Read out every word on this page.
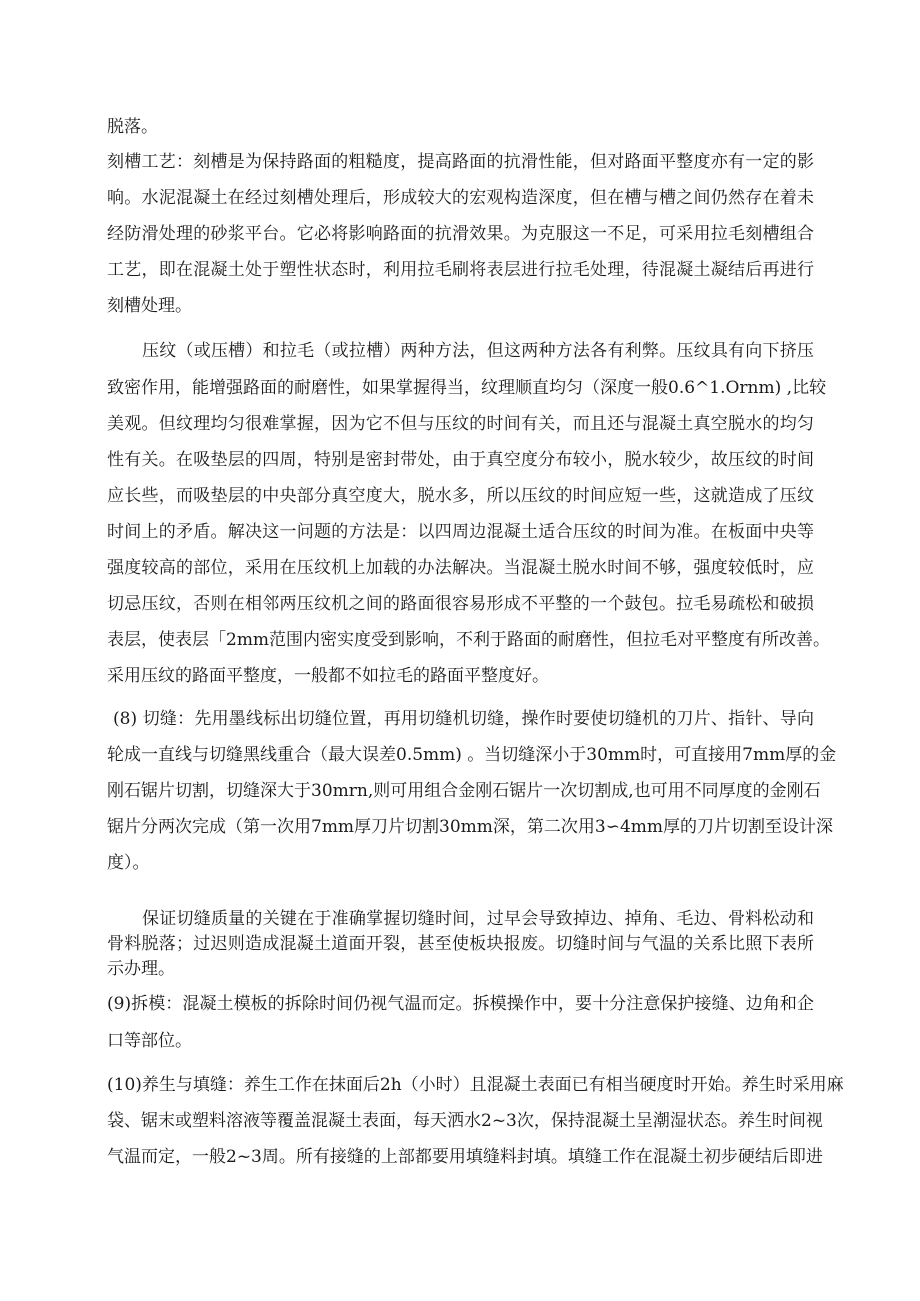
脱落。
刻槽工艺：刻槽是为保持路面的粗糙度，提高路面的抗滑性能，但对路面平整度亦有一定的影
响。水泥混凝土在经过刻槽处理后，形成较大的宏观构造深度，但在槽与槽之间仍然存在着未
经防滑处理的砂浆平台。它必将影响路面的抗滑效果。为克服这一不足，可采用拉毛刻槽组合
工艺，即在混凝土处于塑性状态时，利用拉毛刷将表层进行拉毛处理，待混凝土凝结后再进行
刻槽处理。
压纹（或压槽）和拉毛（或拉槽）两种方法，但这两种方法各有利弊。压纹具有向下挤压
致密作用，能增强路面的耐磨性，如果掌握得当，纹理顺直均匀（深度一般0.6^1.Ornm) ,比较
美观。但纹理均匀很难掌握，因为它不但与压纹的时间有关，而且还与混凝土真空脱水的均匀
性有关。在吸垫层的四周，特别是密封带处，由于真空度分布较小，脱水较少，故压纹的时间
应长些，而吸垫层的中央部分真空度大，脱水多，所以压纹的时间应短一些，这就造成了压纹
时间上的矛盾。解决这一问题的方法是：以四周边混凝土适合压纹的时间为准。在板面中央等
强度较高的部位，采用在压纹机上加载的办法解决。当混凝土脱水时间不够，强度较低时，应
切忌压纹，否则在相邻两压纹机之间的路面很容易形成不平整的一个鼓包。拉毛易疏松和破损
表层，使表层「2mm范围内密实度受到影响，不利于路面的耐磨性，但拉毛对平整度有所改善。
采用压纹的路面平整度，一般都不如拉毛的路面平整度好。
(8) 切缝：先用墨线标出切缝位置，再用切缝机切缝，操作时要使切缝机的刀片、指针、导向
轮成一直线与切缝黑线重合（最大误差0.5mm) 。当切缝深小于30mm时，可直接用7mm厚的金
刚石锯片切割，切缝深大于30mrn,则可用组合金刚石锯片一次切割成,也可用不同厚度的金刚石
锯片分两次完成（第一次用7mm厚刀片切割30mm深，第二次用3∽4mm厚的刀片切割至设计深
度）。
保证切缝质量的关键在于准确掌握切缝时间，过早会导致掉边、掉角、毛边、骨料松动和
骨料脱落；过迟则造成混凝土道面开裂，甚至使板块报废。切缝时间与气温的关系比照下表所
示办理。
(9)拆模：混凝土模板的拆除时间仍视气温而定。拆模操作中，要十分注意保护接缝、边角和企
口等部位。
(10)养生与填缝：养生工作在抹面后2h（小时）且混凝土表面已有相当硬度时开始。养生时采用麻
袋、锯末或塑料溶液等覆盖混凝土表面，每天洒水2~3次，保持混凝土呈潮湿状态。养生时间视
气温而定，一般2~3周。所有接缝的上部都要用填缝料封填。填缝工作在混凝土初步硬结后即进
